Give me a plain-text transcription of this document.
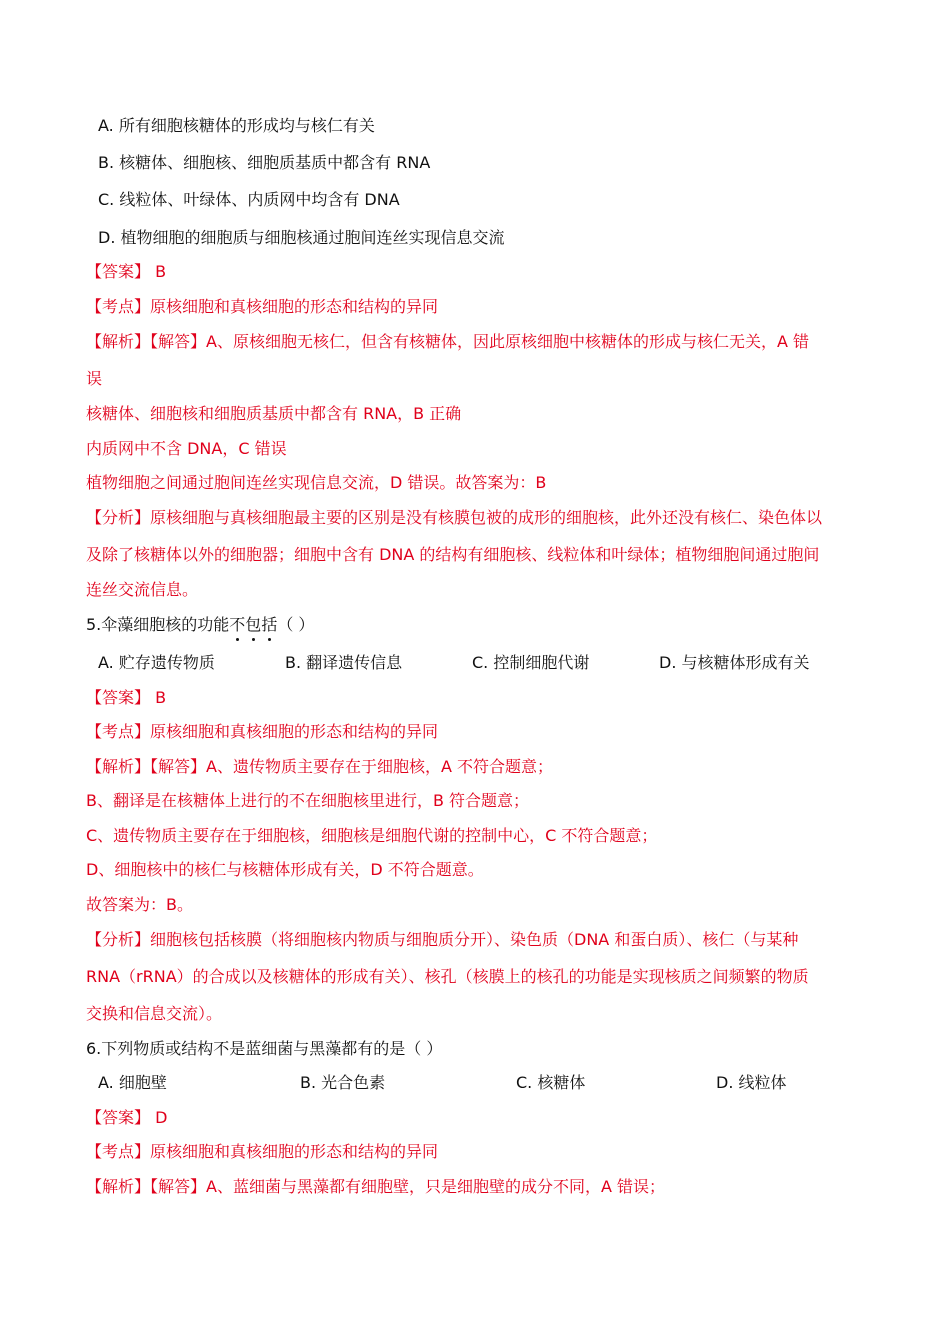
A. 所有细胞核糖体的形成均与核仁有关
B. 核糖体、细胞核、细胞质基质中都含有 RNA
C. 线粒体、叶绿体、内质网中均含有 DNA
D. 植物细胞的细胞质与细胞核通过胞间连丝实现信息交流
【答案】 B
【考点】原核细胞和真核细胞的形态和结构的异同
【解析】【解答】A、原核细胞无核仁，但含有核糖体，因此原核细胞中核糖体的形成与核仁无关，A 错
误
核糖体、细胞核和细胞质基质中都含有 RNA，B 正确
内质网中不含 DNA，C 错误
植物细胞之间通过胞间连丝实现信息交流，D 错误。故答案为：B
【分析】原核细胞与真核细胞最主要的区别是没有核膜包被的成形的细胞核，此外还没有核仁、染色体以
及除了核糖体以外的细胞器；细胞中含有 DNA 的结构有细胞核、线粒体和叶绿体；植物细胞间通过胞间
连丝交流信息。
5.伞藻细胞核的功能不包括（ ）
A. 贮存遗传物质	B. 翻译遗传信息	C. 控制细胞代谢	D. 与核糖体形成有关
【答案】 B
【考点】原核细胞和真核细胞的形态和结构的异同
【解析】【解答】A、遗传物质主要存在于细胞核，A 不符合题意；
B、翻译是在核糖体上进行的不在细胞核里进行，B 符合题意；
C、遗传物质主要存在于细胞核，细胞核是细胞代谢的控制中心，C 不符合题意；
D、细胞核中的核仁与核糖体形成有关，D 不符合题意。
故答案为：B。
【分析】细胞核包括核膜（将细胞核内物质与细胞质分开）、染色质（DNA 和蛋白质）、核仁（与某种
RNA（rRNA）的合成以及核糖体的形成有关）、核孔（核膜上的核孔的功能是实现核质之间频繁的物质
交换和信息交流）。
6.下列物质或结构不是蓝细菌与黑藻都有的是（ ）
A. 细胞壁	B. 光合色素	C. 核糖体	D. 线粒体
【答案】 D
【考点】原核细胞和真核细胞的形态和结构的异同
【解析】【解答】A、蓝细菌与黑藻都有细胞壁，只是细胞壁的成分不同，A 错误；
